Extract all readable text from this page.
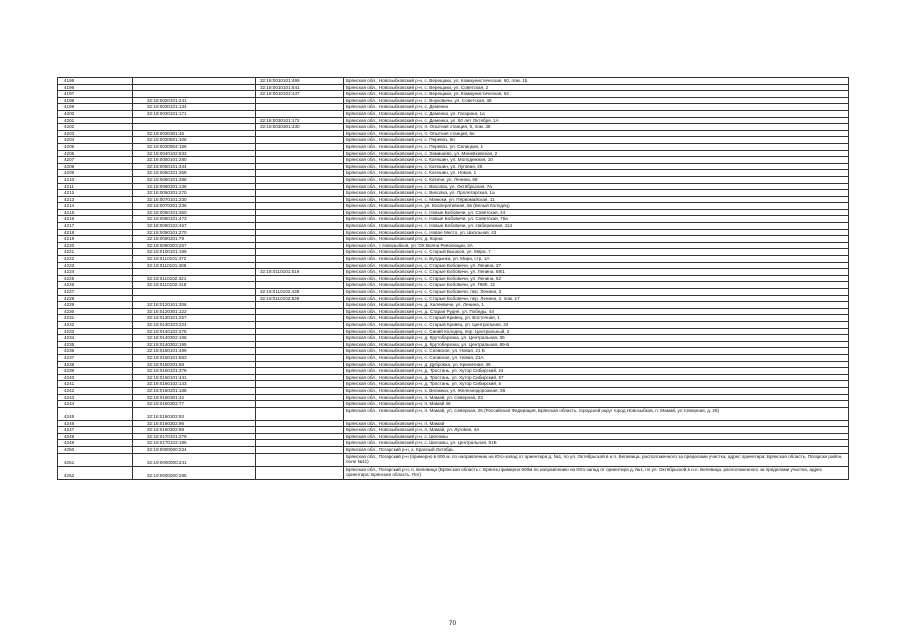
4195		32:18:0010101:499	Брянская обл., Новозыбковский р-н, с. Верещаки, ул. Коммунистическая, 60, пом. 15
4196		32:18:0010101:541	Брянская обл., Новозыбковский р-н, с. Верещаки, ул. Советская, 2
4197		32:18:0010102:447	Брянская обл., Новозыбковский р-н, с. Верещаки, ул. Коммунистическая, 62
4198	32:18:0020101:241		Брянская обл., Новозыбковский р-н, с. Внуковичи, ул. Советская, 38
4199	32:18:0030101:134		Брянская обл., Новозыбковский р-н, с. Деменка
4200	32:18:0030101:171		Брянская обл., Новозыбковский р-н, с. Деменка, ул. Гагарина, 1а
4201		32:18:0030101:172	Брянская обл., Новозыбковский р-н, с. Деменка, ул. 50 лет Октября, 1А
4202		32:18:0030301:330	Брянская обл., Новозыбковский р-н, п. Опытная станция, 6, пом. 38
4203	32:18:0030301:45		Брянская обл., Новозыбковский р-н, п. Опытная станция, 6н
4204	32:18:0030501:108		Брянская обл., Новозыбковский р-н, с. Перевоз, 6н
4205	32:18:0030904:156		Брянская обл., Новозыбковский р-н, с. Перевоз, ул. Селицкая, 1
4206	32:18:0040102:533		Брянская обл., Новозыбковский р-н, с. Замишево, ул. Маневховская, 2
4207	32:18:0050101:280		Брянская обл., Новозыбковский р-н, с. Катешин, ул. Молодежная, 10
4208	32:18:0050101:344		Брянская обл., Новозыбковский р-н, с. Катешин, ул. Луговая, 25
4209	32:18:0050101:358		Брянская обл., Новозыбковский р-н, с. Катешин, ул. Новая, 1
4210	32:18:0060101:288		Брянская обл., Новозыбковский р-н, с. Катичи, ул. Ленина, 69
4211	32:18:0060201:136		Брянская обл., Новозыбковский р-н, с. Вихолка, ул. Октябрьская, 7а
4212	32:18:0060201:270		Брянская обл., Новозыбковский р-н, с. Вихолка, ул. Пролетарская, 1а
4213	32:18:0070101:230		Брянская обл., Новозыбковский р-н, с. Манюки, ул. Первомайская, 11
4214	32:18:0070201:236		Брянская обл., Новозыбковский р-н, ул. Кооперативная, 6в (Белый Колодец)
4215	32:18:0080101:360		Брянская обл., Новозыбковский р-н, с. Новые Бобовичи, ул. Советская, 44
4216	32:18:0080101:473		Брянская обл., Новозыбковский р-н, с. Новые Бобовичи, ул. Советская, 75а
4217	32:18:0080102:467		Брянская обл., Новозыбковский р-н, с. Новые Бобовичи, ул. Набережная, 114
4218	32:18:0090101:270		Брянская обл., Новозыбковский р-н, с. Новое Место, ул. Школьная, 43
4219	32:18:0090201:79		Брянская обл., Новозыбковский р-н, д. Корна
4220	32:18:0090303:267		Брянская обл., г. Новозыбков, ул. ОХ Волна Революции, 2А
4221	32:18:0100101:199		Брянская обл., Новозыбковский р-н, с. Старый Вышков, ул. Мира, 7
4222	32:18:0110101:472		Брянская обл., Новозыбковский р-н, х. Булдынка, ул. Мира, стр. 1А
4223	32:18:0110101:488		Брянская обл., Новозыбковский р-н, с. Старые Бобовичи, ул. Ленина, 37
4224		32:18:0110101:519	Брянская обл., Новозыбковский р-н, с. Старые Бобовичи, ул. Ленина, 68/1
4225	32:18:0110102:321		Брянская обл., Новозыбковский р-н, с. Старые Бобовичи, ул. Ленина, 62
4226	32:18:0110102:418		Брянская обл., Новозыбковский р-н, с. Старые Бобовичи, ул. ПМК, 12
4227		32:18:0110102:439	Брянская обл., Новозыбковский р-н, с. Старые Бобовичи, пер. Ленина, 3
4228		32:18:0110102:539	Брянская обл., Новозыбковский р-н, с. Старые Бобовичи, пер. Ленина, 2, пом. 17
4229	32:18:0120101:306		Брянская обл., Новозыбковский р-н, д. Халеевичи, ул. Ленина, 1
4230	32:18:0120301:122		Брянская обл., Новозыбковский р-н, д. Старая Рудня, ул. Победы, 44
4231	32:18:0130101:257		Брянская обл., Новозыбковский р-н, с. Старый Кривец, ул. Восточная, 1
4232	32:18:0130103:224		Брянская обл., Новозыбковский р-н, с. Старый Кривец, ул. Центральная, 34
4233	32:18:0140102:275		Брянская обл., Новозыбковский р-н, с. Синий Колодец, пер. Центральный, 2
4234	32:18:0140302:166		Брянская обл., Новозыбковский р-н, д. Крутоберезка, ул. Центральная, 35
4235	32:18:0140302:195		Брянская обл., Новозыбковский р-н, д. Крутоберезка, ул. Центральная, 69-Б
4236	32:18:0150101:499		Брянская обл., Новозыбковский р-н, с. Сновское, ул. Новая, 21 Б
4237	32:18:0150101:563		Брянская обл., Новозыбковский р-н, с. Сновское, ул. Новая, 21А
4238	32:18:0150201:68		Брянская обл., Новозыбковский р-н, д. Дубровка, ул. Криничная, 36
4239	32:18:0160101:378		Брянская обл., Новозыбковский р-н, д. Тростань, ул. Хутор Сибирский, 24
4240	32:18:0160101:441		Брянская обл., Новозыбковский р-н, д. Тростань, ул. Хутор Сибирский, 57
4241	32:18:0160102:143		Брянская обл., Новозыбковский р-н, д. Тростань, ул. Хутор Сибирский, 5
4242	32:18:0160201:188		Брянская обл., Новозыбковский р-н, х. Велижка, ул. Железнодорожная, 38
4243	32:18:0160301:42		Брянская обл., Новозыбковский р-н, п. Мамай, ул. Северная, 23
4244	32:18:0160302:77		Брянская обл., Новозыбковский р-н, п. Мамай 46
4245	32:18:0160302:93		Брянская обл., Новозыбковский р-н, п. Мамай, ул. Северная, 25 (Российская Федерация, Брянская область, городской округ город Новозыбков, п. Мамай, ул.Северная, д. 25)
4246	32:18:0160302:96		Брянская обл., Новозыбковский р-н, п. Мамай
4247	32:18:0160302:98		Брянская обл., Новозыбковский р-н, п. Мамай, ул. Луговая, 4А
4248	32:18:0170101:279		Брянская обл., Новозыбковский р-н, с. Шеломы
4249	32:18:0170102:195		Брянская обл., Новозыбковский р-н, с. Шеломы, ул. Центральная, 91Б
4250	32:19:0000000:234		Брянская обл., Погарский р-н, х. Красный Октябрь
4251	32:19:0000000:241		Брянская обл., Погарский р-н (примерно в 600 м. по направлению на Юго-запад от ориентира д. №1, по ул. Октябрьской в н.п. Белевица, расположенного за пределами участка, адрес ориентира: Брянская область, Погарски район, поле №11)
4252	32:19:0000000:285		Брянская обл., Погарский р-н, п. Белевица (Брянская область г. Брянск,примерно 600м по направлению на Юго-запад от ориентира д. №1, по ул. Октябрьской в н.п. Белевица, расположенного за пределами участка, адрес ориентира: Брянская область, Пог)
70
